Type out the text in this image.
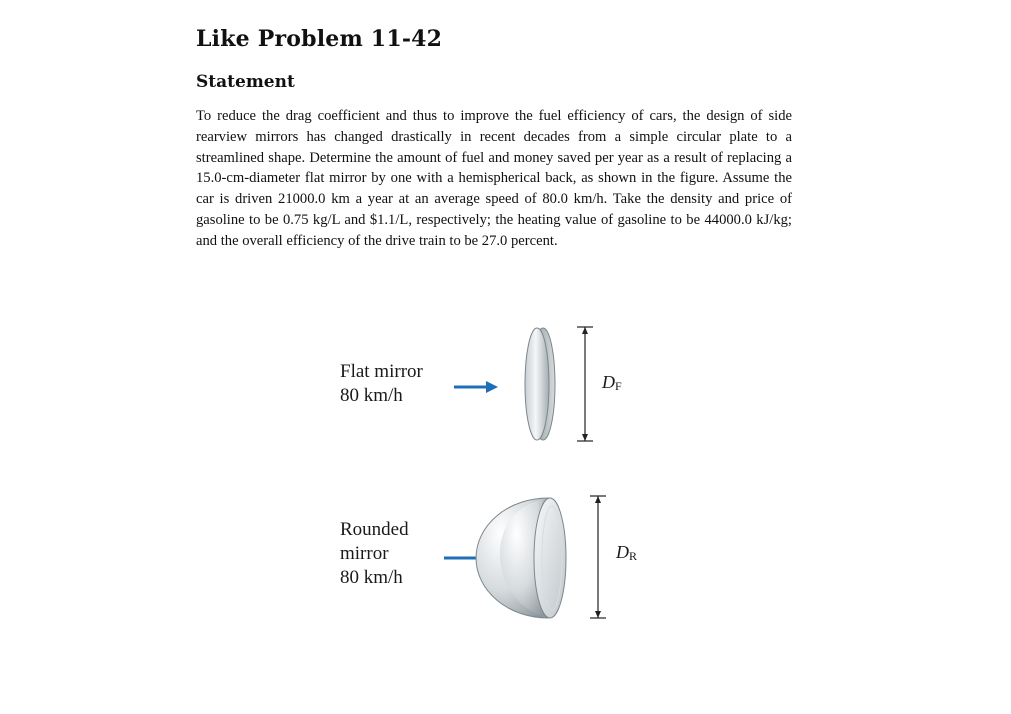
Like Problem 11-42
Statement
To reduce the drag coefficient and thus to improve the fuel efficiency of cars, the design of side rearview mirrors has changed drastically in recent decades from a simple circular plate to a streamlined shape. Determine the amount of fuel and money saved per year as a result of replacing a 15.0-cm-diameter flat mirror by one with a hemispherical back, as shown in the figure. Assume the car is driven 21000.0 km a year at an average speed of 80.0 km/h. Take the density and price of gasoline to be 0.75 kg/L and $1.1/L, respectively; the heating value of gasoline to be 44000.0 kJ/kg; and the overall efficiency of the drive train to be 27.0 percent.
Flat mirror
80 km/h
$D_F$
Rounded
mirror
80 km/h
$D_R$
